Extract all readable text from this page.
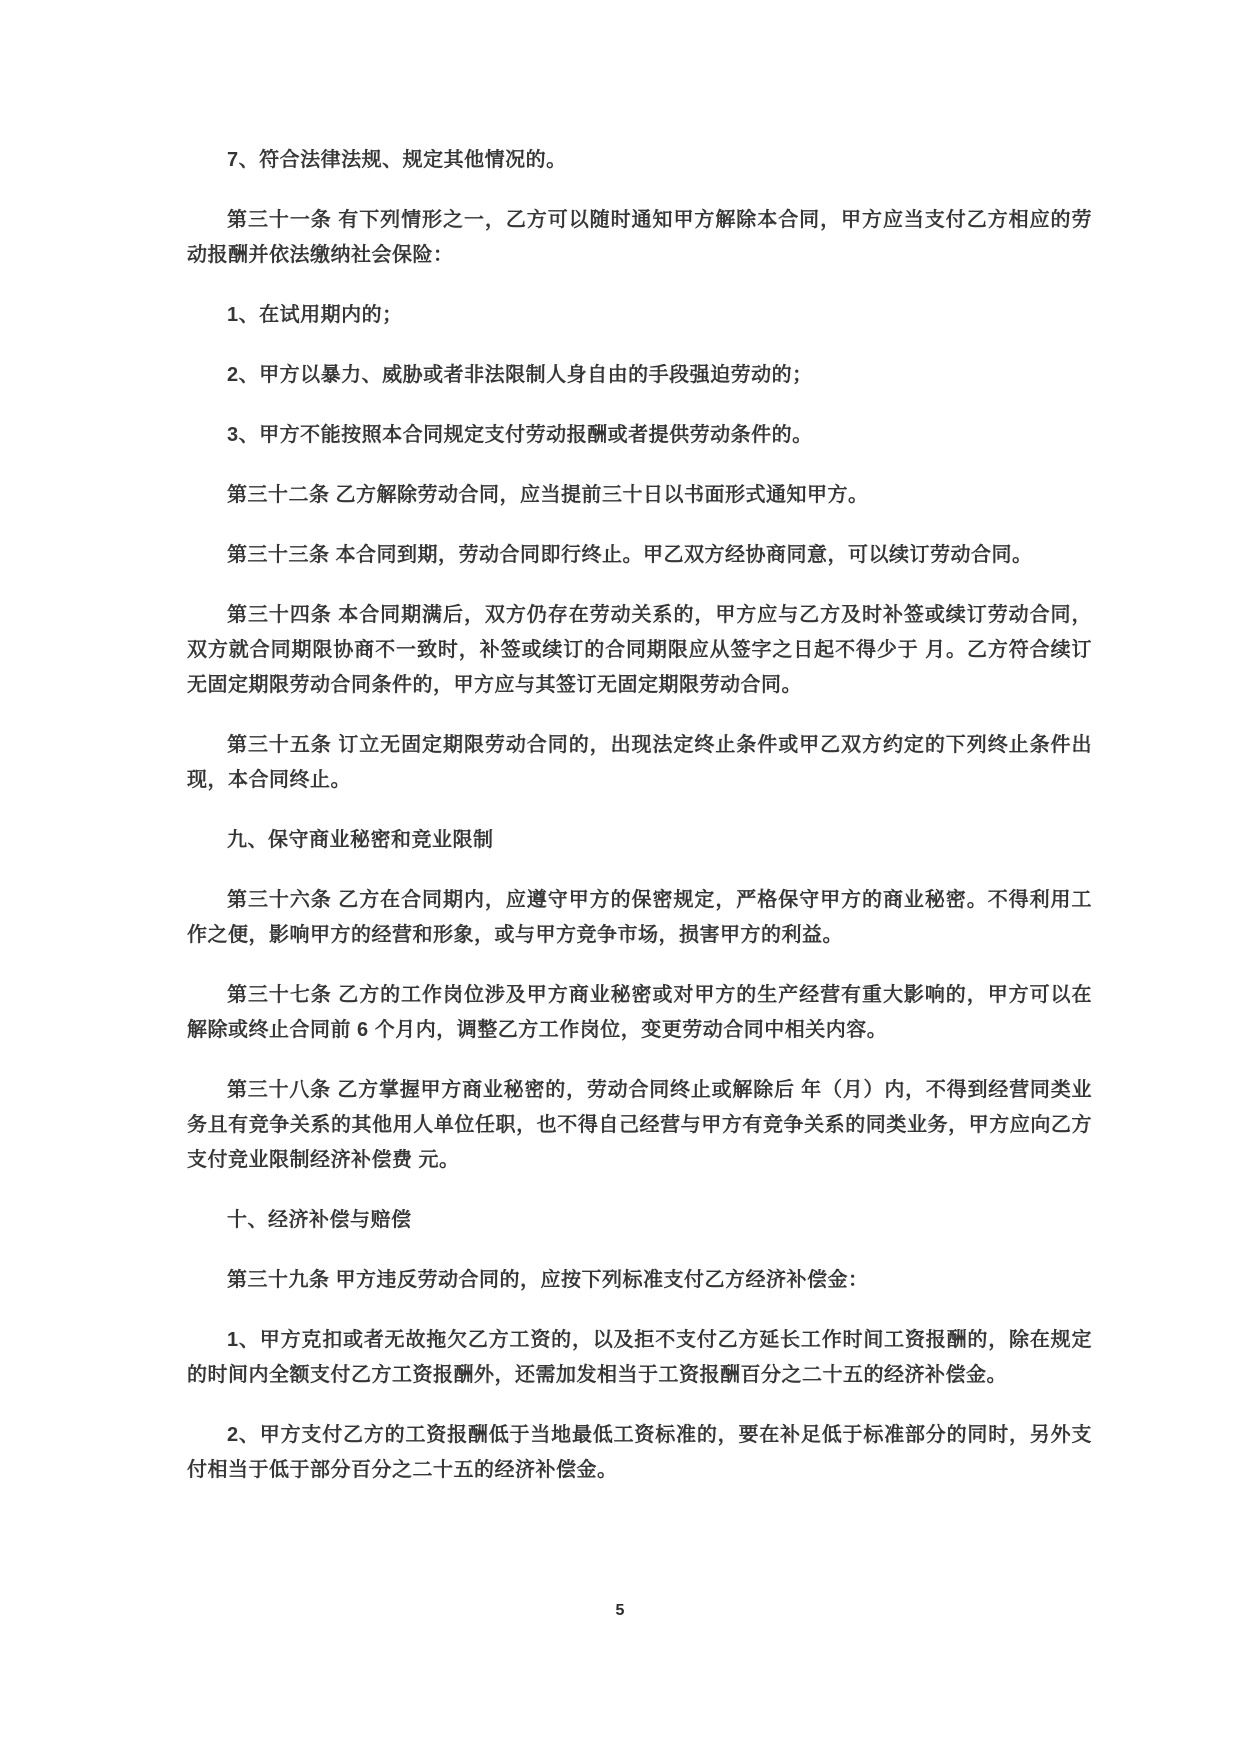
7、符合法律法规、规定其他情况的。

第三十一条 有下列情形之一，乙方可以随时通知甲方解除本合同，甲方应当支付乙方相应的劳动报酬并依法缴纳社会保险：

1、在试用期内的；

2、甲方以暴力、威胁或者非法限制人身自由的手段强迫劳动的；

3、甲方不能按照本合同规定支付劳动报酬或者提供劳动条件的。

第三十二条 乙方解除劳动合同，应当提前三十日以书面形式通知甲方。

第三十三条 本合同到期，劳动合同即行终止。甲乙双方经协商同意，可以续订劳动合同。

第三十四条 本合同期满后，双方仍存在劳动关系的，甲方应与乙方及时补签或续订劳动合同，双方就合同期限协商不一致时，补签或续订的合同期限应从签字之日起不得少于 月。乙方符合续订无固定期限劳动合同条件的，甲方应与其签订无固定期限劳动合同。

第三十五条 订立无固定期限劳动合同的，出现法定终止条件或甲乙双方约定的下列终止条件出现，本合同终止。

九、保守商业秘密和竞业限制

第三十六条 乙方在合同期内，应遵守甲方的保密规定，严格保守甲方的商业秘密。不得利用工作之便，影响甲方的经营和形象，或与甲方竞争市场，损害甲方的利益。

第三十七条 乙方的工作岗位涉及甲方商业秘密或对甲方的生产经营有重大影响的，甲方可以在解除或终止合同前 6 个月内，调整乙方工作岗位，变更劳动合同中相关内容。

第三十八条 乙方掌握甲方商业秘密的，劳动合同终止或解除后 年（月）内，不得到经营同类业务且有竞争关系的其他用人单位任职，也不得自己经营与甲方有竞争关系的同类业务，甲方应向乙方支付竞业限制经济补偿费 元。

十、经济补偿与赔偿

第三十九条 甲方违反劳动合同的，应按下列标准支付乙方经济补偿金：

1、甲方克扣或者无故拖欠乙方工资的，以及拒不支付乙方延长工作时间工资报酬的，除在规定的时间内全额支付乙方工资报酬外，还需加发相当于工资报酬百分之二十五的经济补偿金。

2、甲方支付乙方的工资报酬低于当地最低工资标准的，要在补足低于标准部分的同时，另外支付相当于低于部分百分之二十五的经济补偿金。

5
